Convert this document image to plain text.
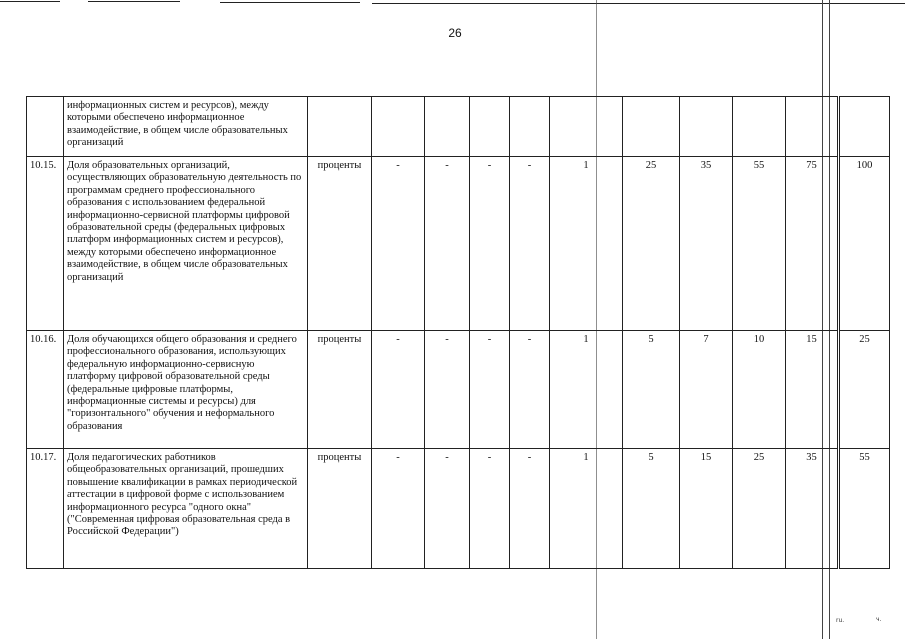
26
	информационных систем и ресурсов), между которыми обеспечено информационное взаимодействие, в общем числе образовательных организаций											
10.15.	Доля образовательных организаций, осуществляющих образовательную деятельность по программам среднего профессионального образования с использованием федеральной информационно-сервисной платформы цифровой образовательной среды (федеральных цифровых платформ информационных систем и ресурсов), между которыми обеспечено информационное взаимодействие, в общем числе образовательных организаций	проценты	-	-	-	-	1	25	35	55	75	100
10.16.	Доля обучающихся общего образования и среднего профессионального образования, использующих федеральную информационно-сервисную платформу цифровой образовательной среды (федеральные цифровые платформы, информационные системы и ресурсы) для "горизонтального" обучения и неформального образования	проценты	-	-	-	-	1	5	7	10	15	25
10.17.	Доля педагогических работников общеобразовательных организаций, прошедших повышение квалификации в рамках периодической аттестации в цифровой форме с использованием информационного ресурса "одного окна" ("Современная цифровая образовательная среда в Российской Федерации")	проценты	-	-	-	-	1	5	15	25	35	55
ru.	ч.
